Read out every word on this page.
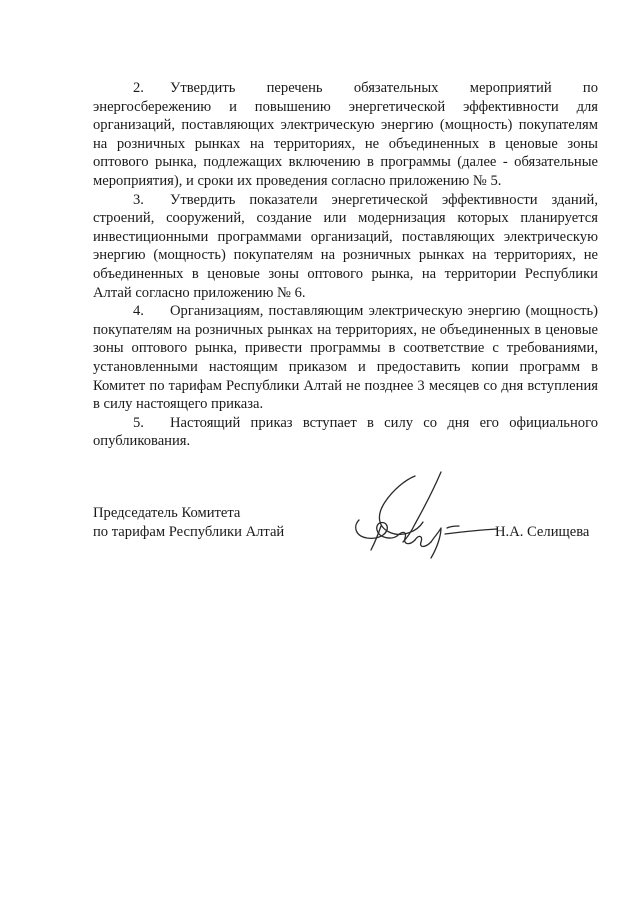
2. Утвердить перечень обязательных мероприятий по энергосбережению и повышению энергетической эффективности для организаций, поставляющих электрическую энергию (мощность) покупателям на розничных рынках на территориях, не объединенных в ценовые зоны оптового рынка, подлежащих включению в программы (далее - обязательные мероприятия), и сроки их проведения согласно приложению № 5.

3. Утвердить показатели энергетической эффективности зданий, строений, сооружений, создание или модернизация которых планируется инвестиционными программами организаций, поставляющих электрическую энергию (мощность) покупателям на розничных рынках на территориях, не объединенных в ценовые зоны оптового рынка, на территории Республики Алтай согласно приложению № 6.

4. Организациям, поставляющим электрическую энергию (мощность) покупателям на розничных рынках на территориях, не объединенных в ценовые зоны оптового рынка, привести программы в соответствие с требованиями, установленными настоящим приказом и предоставить копии программ в Комитет по тарифам Республики Алтай не позднее 3 месяцев со дня вступления в силу настоящего приказа.

5. Настоящий приказ вступает в силу со дня его официального опубликования.

Председатель Комитета
по тарифам Республики Алтай	Н.А. Селищева
